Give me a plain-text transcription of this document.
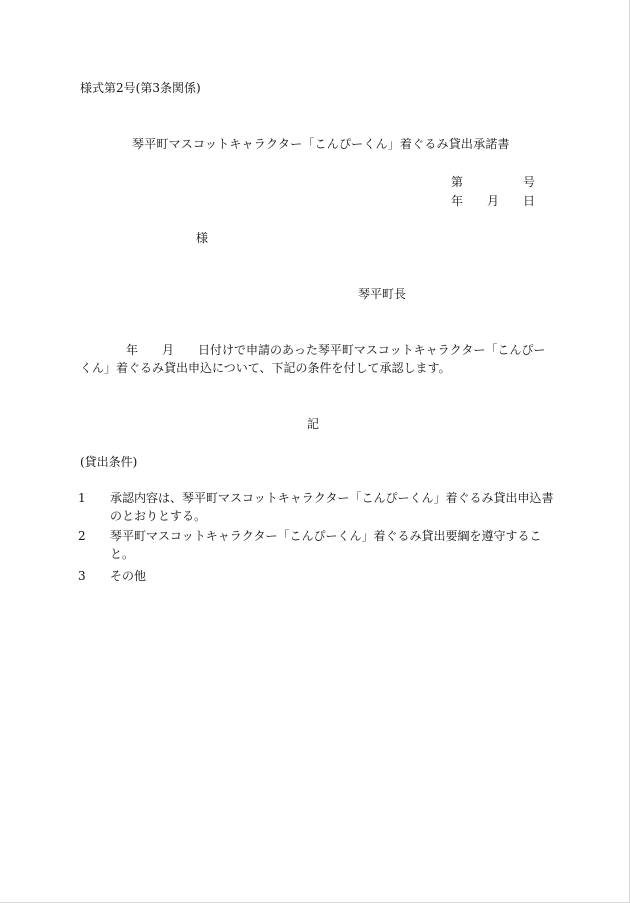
様式第2号(第3条関係)
琴平町マスコットキャラクター「こんぴーくん」着ぐるみ貸出承諾書
第	号
年 月 日
様
琴平町長
年 月 日付けで申請のあった琴平町マスコットキャラクター「こんぴーくん」着ぐるみ貸出申込について、下記の条件を付して承認します。
記
(貸出条件)
1 承認内容は、琴平町マスコットキャラクター「こんぴーくん」着ぐるみ貸出申込書のとおりとする。
2 琴平町マスコットキャラクター「こんぴーくん」着ぐるみ貸出要綱を遵守すること。
3 その他
